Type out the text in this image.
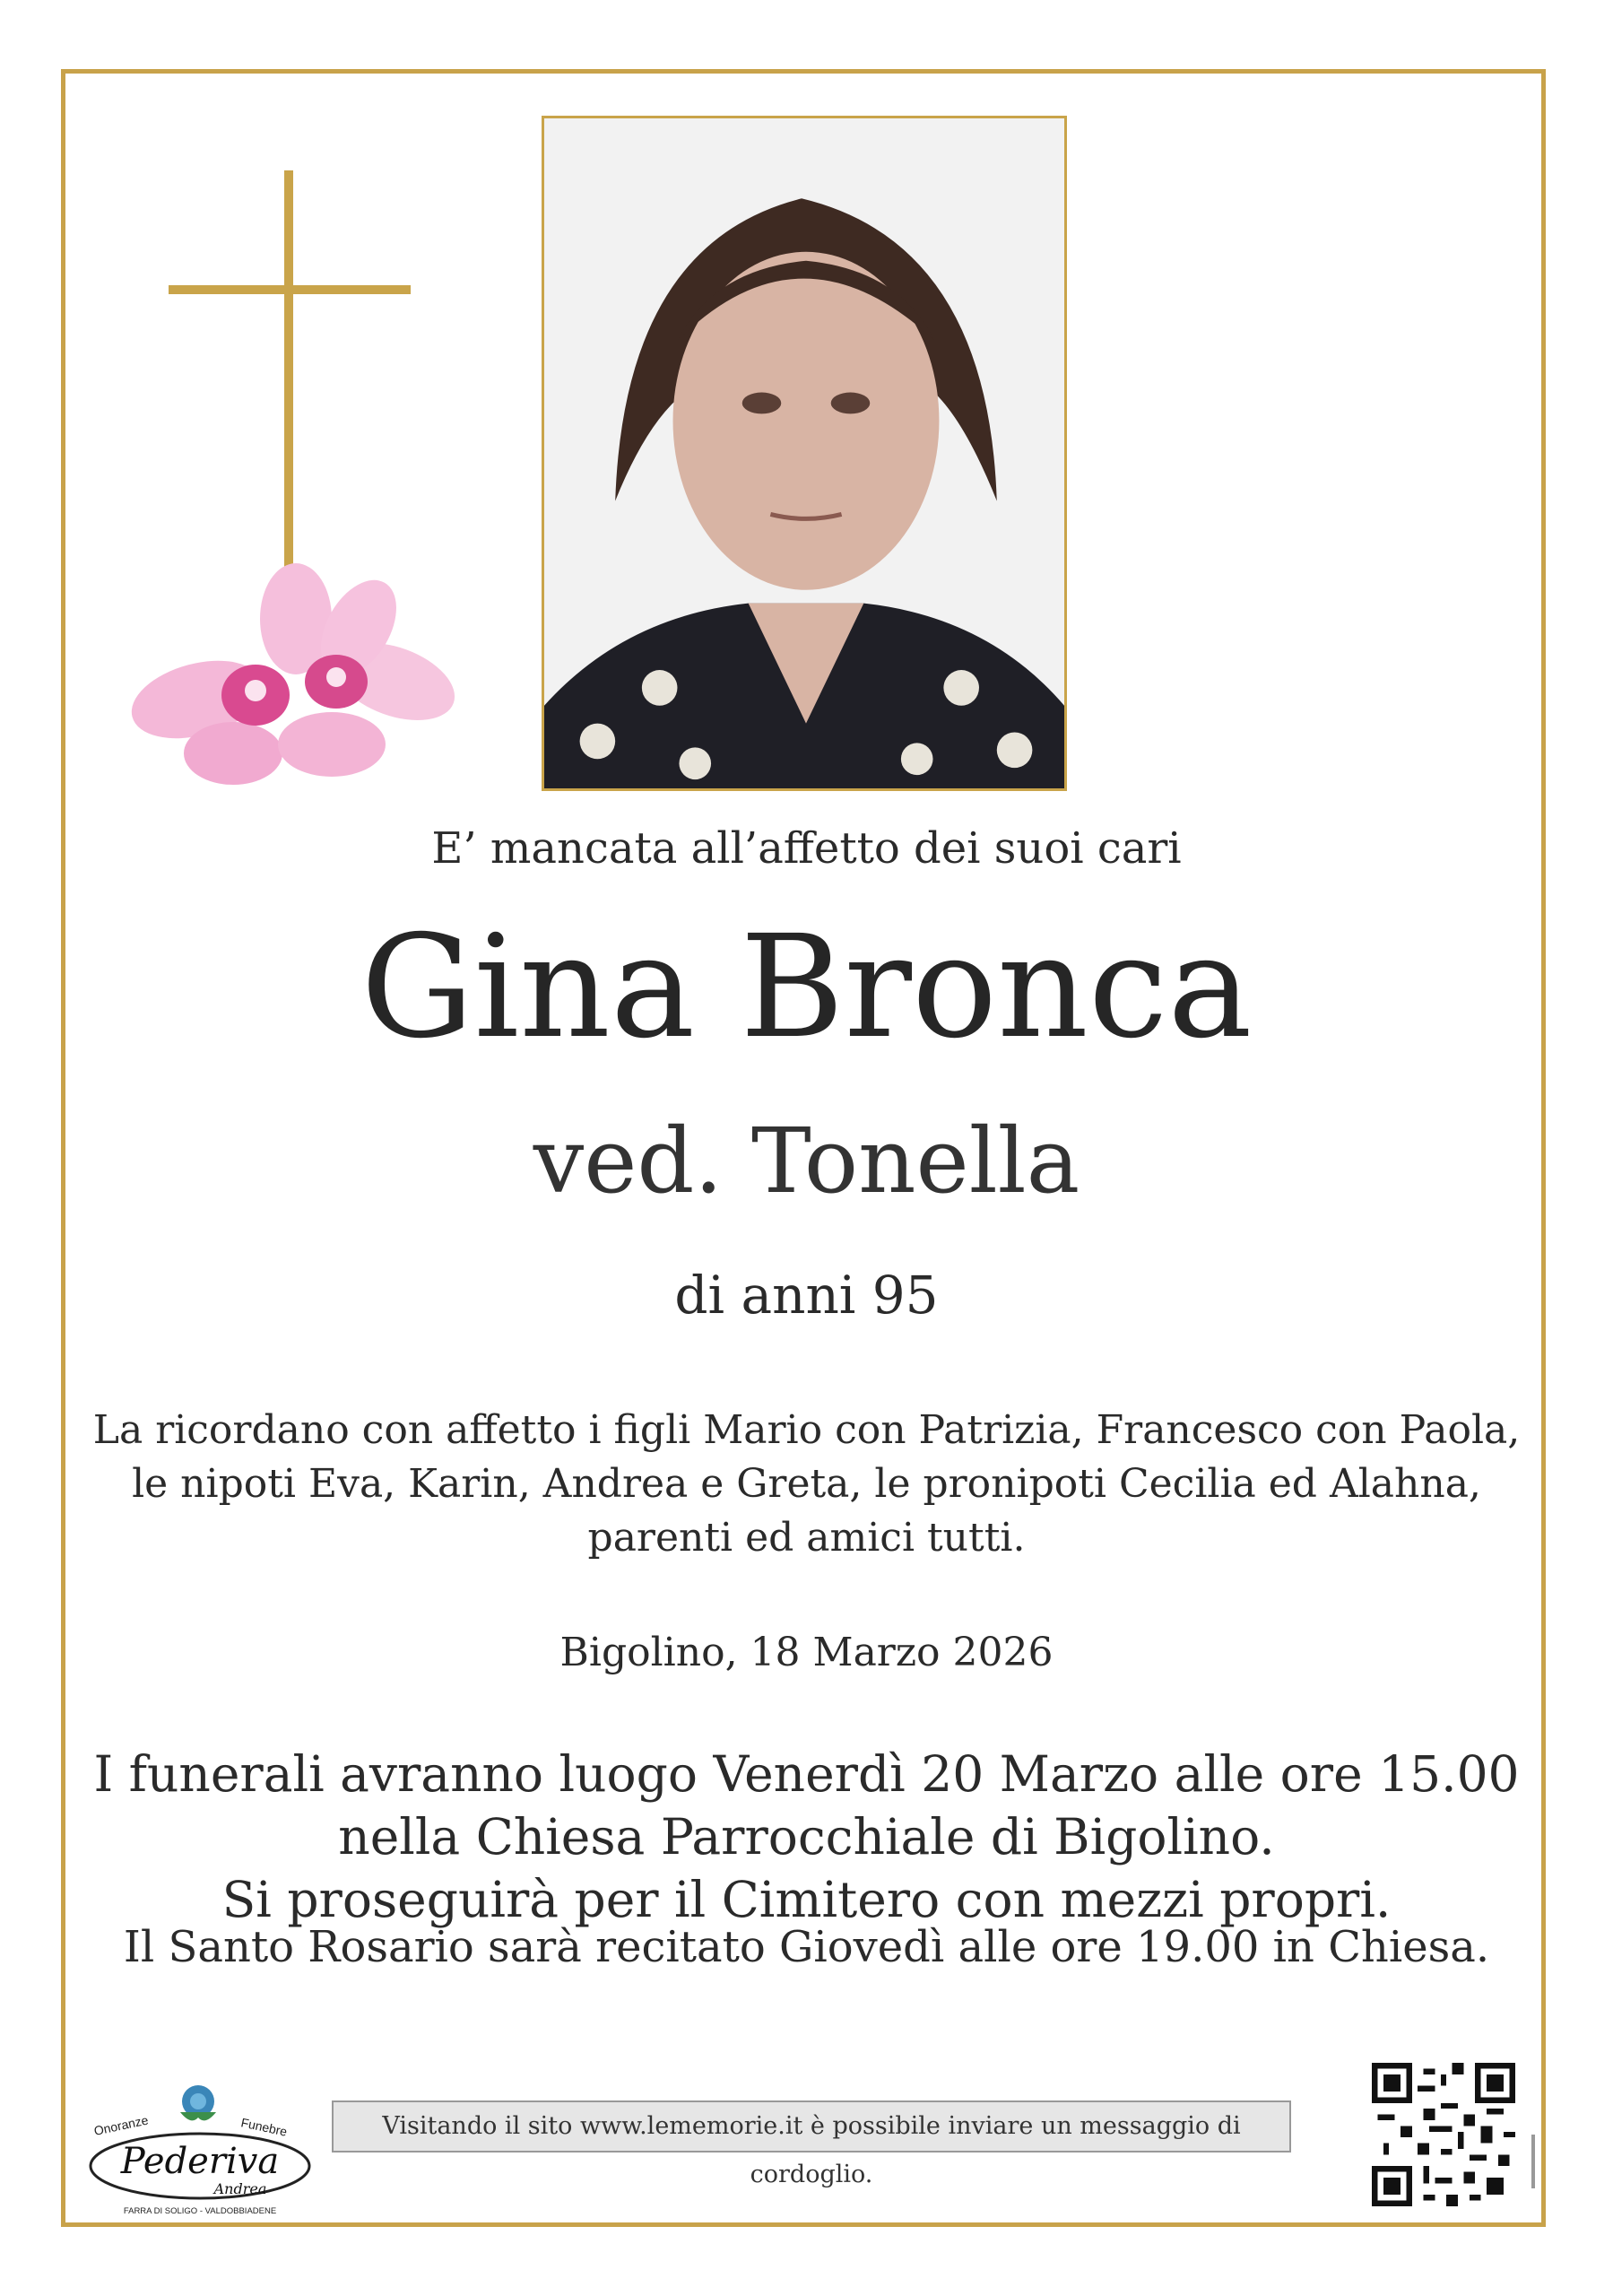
E’ mancata all’affetto dei suoi cari
Gina Bronca
ved. Tonella
di anni 95
La ricordano con affetto i figli Mario con Patrizia, Francesco con Paola,
le nipoti Eva, Karin, Andrea e Greta, le pronipoti Cecilia ed Alahna,
parenti ed amici tutti.
Bigolino, 18 Marzo 2026
I funerali avranno luogo Venerdì 20 Marzo alle ore 15.00
nella Chiesa Parrocchiale di Bigolino.
Si proseguirà per il Cimitero con mezzi propri.
Il Santo Rosario sarà recitato Giovedì alle ore 19.00 in Chiesa.
Onoranze	Funebre
Pederiva
Andrea
FARRA DI SOLIGO - VALDOBBIADENE
Visitando il sito www.lememorie.it è possibile inviare un messaggio di cordoglio.
